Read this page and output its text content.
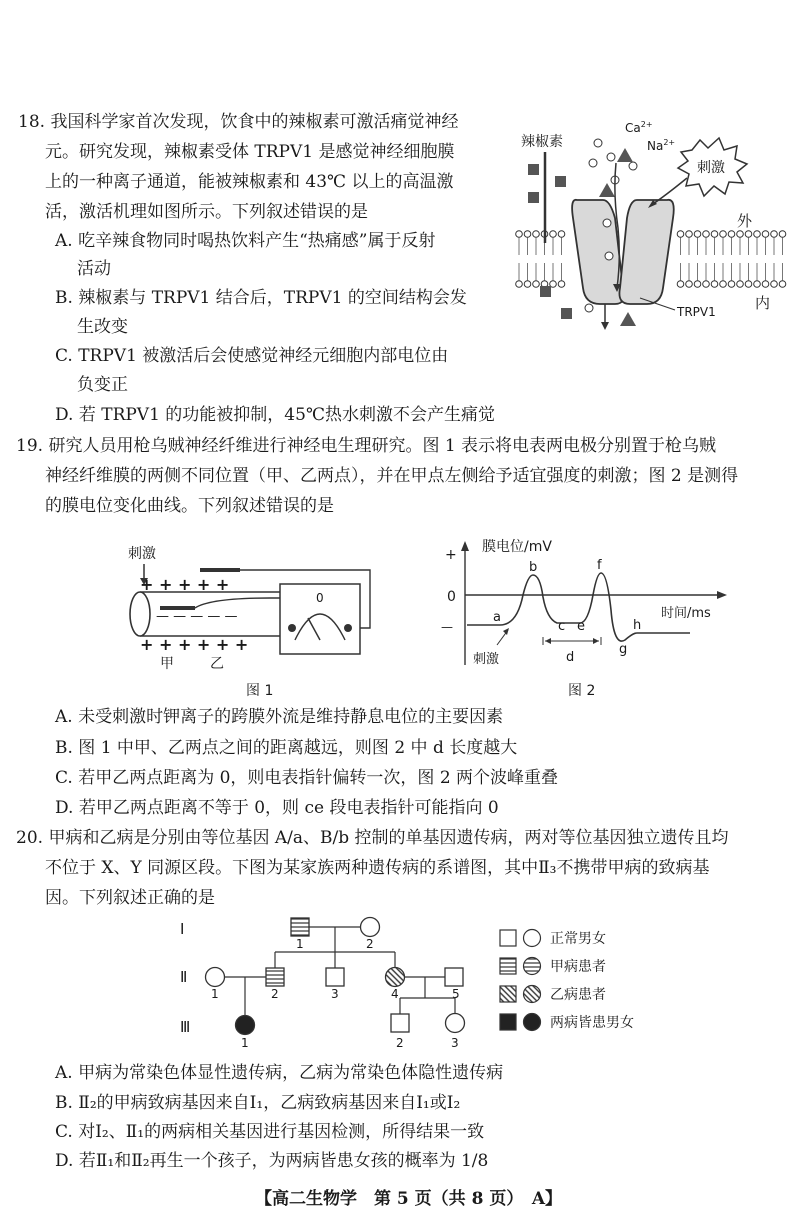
18. 我国科学家首次发现，饮食中的辣椒素可激活痛觉神经
元。研究发现，辣椒素受体 TRPV1 是感觉神经细胞膜
上的一种离子通道，能被辣椒素和 43℃ 以上的高温激
活，激活机理如图所示。下列叙述错误的是
A. 吃辛辣食物同时喝热饮料产生“热痛感”属于反射
活动
B. 辣椒素与 TRPV1 结合后，TRPV1 的空间结构会发
生改变
C. TRPV1 被激活后会使感觉神经元细胞内部电位由
负变正
D. 若 TRPV1 的功能被抑制，45℃热水刺激不会产生痛觉
辣椒素
$Ca^{2+}$
$Na^{2+}$
刺激
外
内
TRPV1
19. 研究人员用枪乌贼神经纤维进行神经电生理研究。图 1 表示将电表两电极分别置于枪乌贼
神经纤维膜的两侧不同位置（甲、乙两点），并在甲点左侧给予适宜强度的刺激；图 2 是测得
的膜电位变化曲线。下列叙述错误的是
刺激
+ + + + +
— — — — —
+ + + + + +
甲	乙
0
图 1
膜电位/mV
时间/ms
+
0
—
a
b
c e
f
h
g
d
刺激
图 2
A. 未受刺激时钾离子的跨膜外流是维持静息电位的主要因素
B. 图 1 中甲、乙两点之间的距离越远，则图 2 中 d 长度越大
C. 若甲乙两点距离为 0，则电表指针偏转一次，图 2 两个波峰重叠
D. 若甲乙两点距离不等于 0，则 ce 段电表指针可能指向 0
20. 甲病和乙病是分别由等位基因 A/a、B/b 控制的单基因遗传病，两对等位基因独立遗传且均
不位于 X、Y 同源区段。下图为某家族两种遗传病的系谱图，其中Ⅱ₃不携带甲病的致病基
因。下列叙述正确的是
Ⅰ
Ⅱ
Ⅲ
1	2
1	2	3	4	5
1	2	3
正常男女
甲病患者
乙病患者
两病皆患男女
A. 甲病为常染色体显性遗传病，乙病为常染色体隐性遗传病
B. Ⅱ₂的甲病致病基因来自Ⅰ₁，乙病致病基因来自Ⅰ₁或Ⅰ₂
C. 对Ⅰ₂、Ⅱ₁的两病相关基因进行基因检测，所得结果一致
D. 若Ⅱ₁和Ⅱ₂再生一个孩子，为两病皆患女孩的概率为 1/8
【高二生物学　第 5 页（共 8 页）　A】
